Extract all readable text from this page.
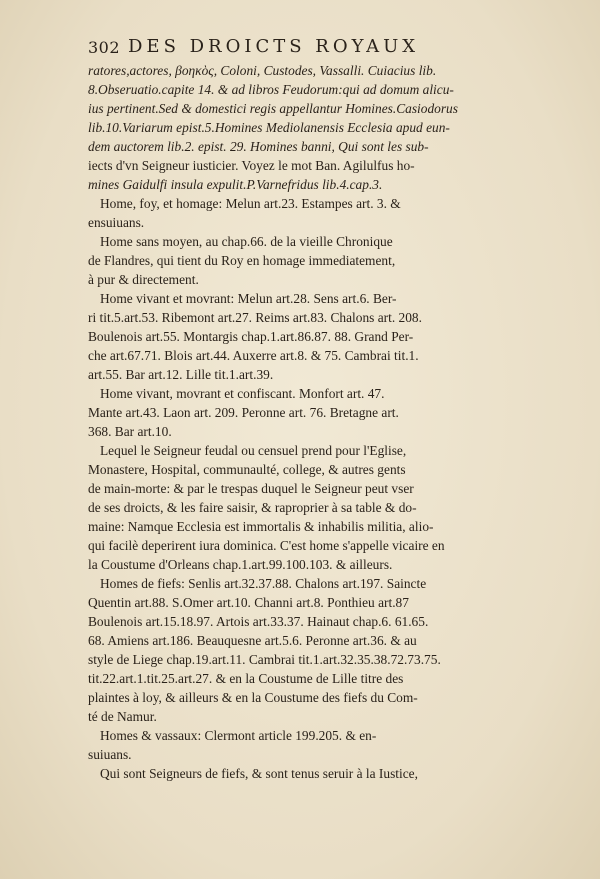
302 DES DROICTS ROYAUX
ratores,actores, βοηκὸς, Coloni, Custodes, Vassalli. Cuiacius lib.
8.Obseruatio.capite 14. & ad libros Feudorum:qui ad domum alicu-
ius pertinent.Sed & domestici regis appellantur Homines.Casiodorus
lib.10.Variarum epist.5.Homines Mediolanensis Ecclesia apud eun-
dem auctorem lib.2. epist. 29. Homines banni, Qui sont les sub-
iects d'vn Seigneur iusticier. Voyez le mot Ban. Agilulfus ho-
mines Gaidulfi insula expulit.P.Varnefridus lib.4.cap.3.
Home, foy, et homage: Melun art.23. Estampes art. 3. &
ensuiuans.
Home sans moyen, au chap.66. de la vieille Chronique
de Flandres, qui tient du Roy en homage immediatement,
à pur & directement.
Home vivant et movrant: Melun art.28. Sens art.6. Ber-
ri tit.5.art.53. Ribemont art.27. Reims art.83. Chalons art. 208.
Boulenois art.55. Montargis chap.1.art.86.87. 88. Grand Per-
che art.67.71. Blois art.44. Auxerre art.8. & 75. Cambrai tit.1.
art.55. Bar art.12. Lille tit.1.art.39.
Home vivant, movrant et confiscant. Monfort art. 47.
Mante art.43. Laon art. 209. Peronne art. 76. Bretagne art.
368. Bar art.10.
Lequel le Seigneur feudal ou censuel prend pour l'Eglise,
Monastere, Hospital, communaulté, college, & autres gents
de main-morte: & par le trespas duquel le Seigneur peut vser
de ses droicts, & les faire saisir, & raproprier à sa table & do-
maine: Namque Ecclesia est immortalis & inhabilis militia, alio-
qui facilè deperirent iura dominica. C'est home s'appelle vicaire en
la Coustume d'Orleans chap.1.art.99.100.103. & ailleurs.
Homes de fiefs: Senlis art.32.37.88. Chalons art.197. Saincte
Quentin art.88. S.Omer art.10. Channi art.8. Ponthieu art.87
Boulenois art.15.18.97. Artois art.33.37. Hainaut chap.6. 61.65.
68. Amiens art.186. Beauquesne art.5.6. Peronne art.36. & au
style de Liege chap.19.art.11. Cambrai tit.1.art.32.35.38.72.73.75.
tit.22.art.1.tit.25.art.27. & en la Coustume de Lille titre des
plaintes à loy, & ailleurs & en la Coustume des fiefs du Com-
té de Namur.
Homes & vassaux: Clermont article 199.205. & en-
suiuans.
Qui sont Seigneurs de fiefs, & sont tenus seruir à la Iustice,
